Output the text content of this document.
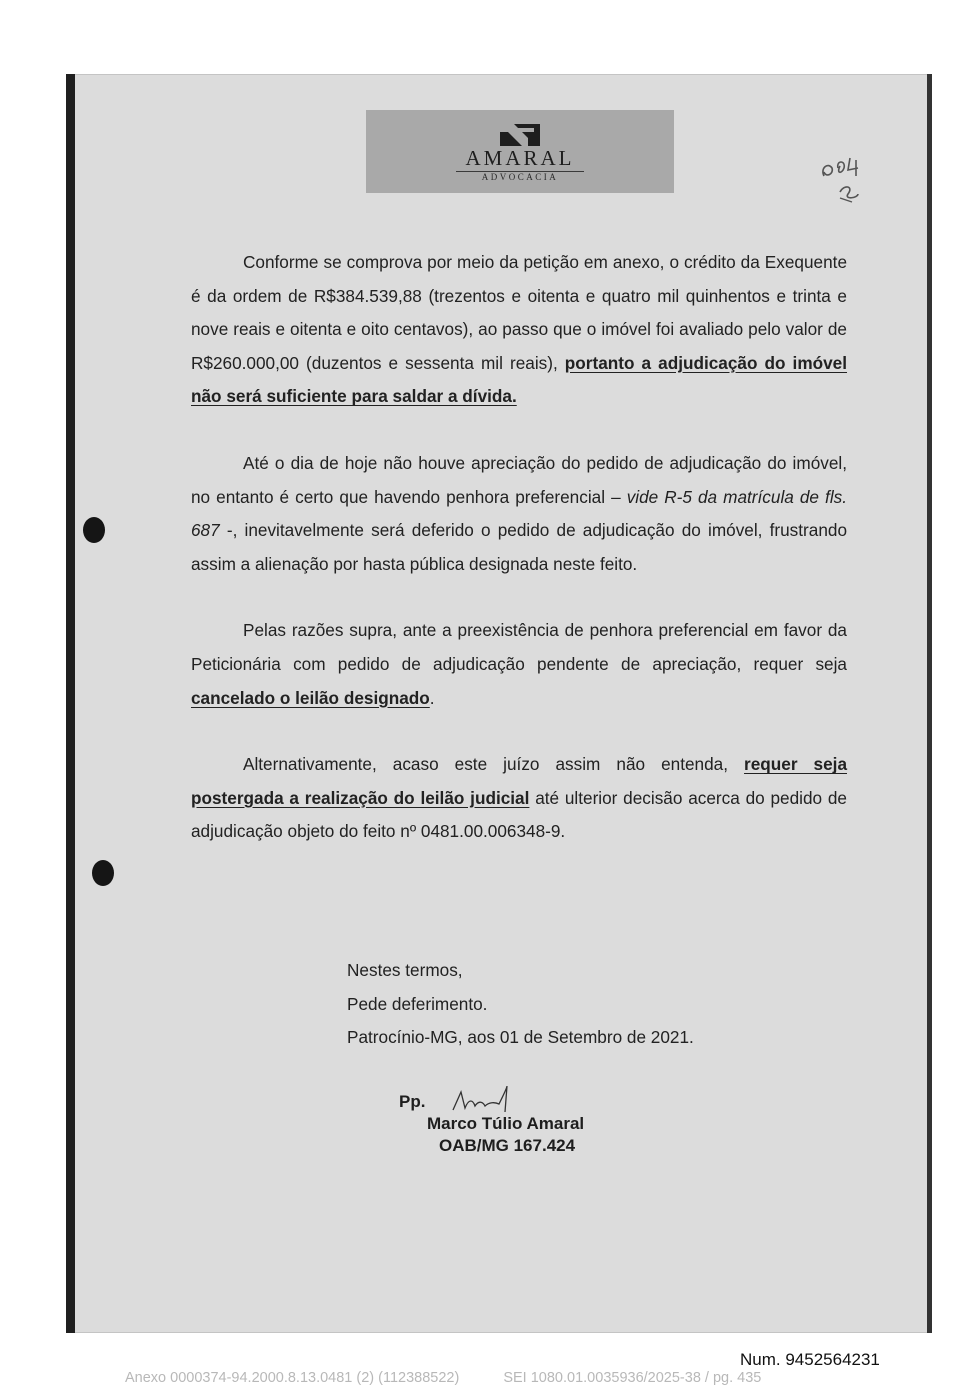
AMARAL
ADVOCACIA

Conforme se comprova por meio da petição em anexo, o crédito da Exequente é da ordem de R$384.539,88 (trezentos e oitenta e quatro mil quinhentos e trinta e nove reais e oitenta e oito centavos), ao passo que o imóvel foi avaliado pelo valor de R$260.000,00 (duzentos e sessenta mil reais), portanto a adjudicação do imóvel não será suficiente para saldar a dívida.

Até o dia de hoje não houve apreciação do pedido de adjudicação do imóvel, no entanto é certo que havendo penhora preferencial – vide R-5 da matrícula de fls. 687 -, inevitavelmente será deferido o pedido de adjudicação do imóvel, frustrando assim a alienação por hasta pública designada neste feito.

Pelas razões supra, ante a preexistência de penhora preferencial em favor da Peticionária com pedido de adjudicação pendente de apreciação, requer seja cancelado o leilão designado.

Alternativamente, acaso este juízo assim não entenda, requer seja postergada a realização do leilão judicial até ulterior decisão acerca do pedido de adjudicação objeto do feito nº 0481.00.006348-9.

Nestes termos,
Pede deferimento.
Patrocínio-MG, aos 01 de Setembro de 2021.
Pp.
Marco Túlio Amaral
OAB/MG 167.424
Num. 9452564231
Anexo 0000374-94.2000.8.13.0481 (2) (112388522)	SEI 1080.01.0035936/2025-38 / pg. 435
